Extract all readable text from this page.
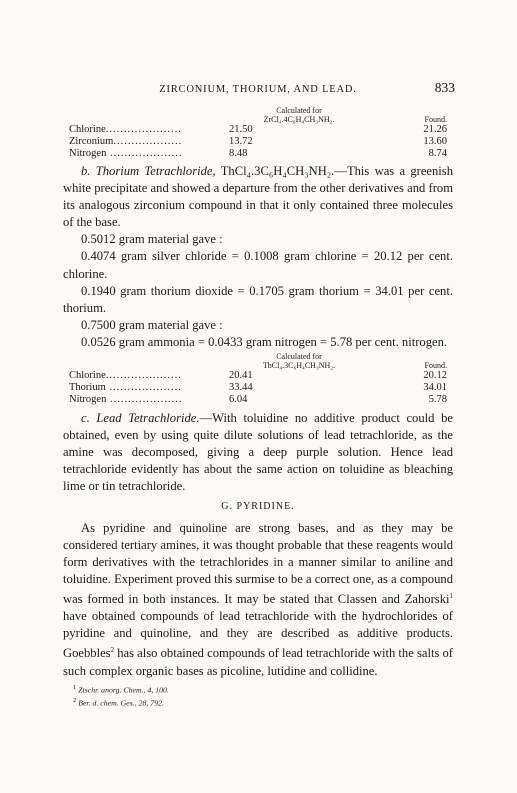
ZIRCONIUM, THORIUM, AND LEAD.	833
	Calculated for
ZrCl₄.4C₆H₄CH₃NH₂.	Found.
Chlorine.....................	21.50	21.26
Zirconium...................	13.72	13.60
Nitrogen ....................	8.48	8.74

b. Thorium Tetrachloride, ThCl₄.3C₆H₄CH₃NH₂.—This was a greenish white precipitate and showed a departure from the other derivatives and from its analogous zirconium compound in that it only contained three molecules of the base.

0.5012 gram material gave :

0.4074 gram silver chloride = 0.1008 gram chlorine = 20.12 per cent. chlorine.

0.1940 gram thorium dioxide = 0.1705 gram thorium = 34.01 per cent. thorium.

0.7500 gram material gave :

0.0526 gram ammonia = 0.0433 gram nitrogen = 5.78 per cent. nitrogen.

	Calculated for
ThCl₄.3C₆H₄CH₃NH₂.	Found.
Chlorine.....................	20.41	20.12
Thorium ....................	33.44	34.01
Nitrogen ....................	6.04	5.78

c. Lead Tetrachloride.—With toluidine no additive product could be obtained, even by using quite dilute solutions of lead tetrachloride, as the amine was decomposed, giving a deep purple solution. Hence lead tetrachloride evidently has about the same action on toluidine as bleaching lime or tin tetrachloride.

G. PYRIDINE.

As pyridine and quinoline are strong bases, and as they may be considered tertiary amines, it was thought probable that these reagents would form derivatives with the tetrachlorides in a manner similar to aniline and toluidine. Experiment proved this surmise to be a correct one, as a compound was formed in both instances. It may be stated that Classen and Zahorski$^1$ have obtained compounds of lead tetrachloride with the hydrochlorides of pyridine and quinoline, and they are described as additive products. Goebbles$^2$ has also obtained compounds of lead tetrachloride with the salts of such complex organic bases as picoline, lutidine and collidine.

$^1$ Ztschr. anorg. Chem., 4, 100.
$^2$ Ber. d. chem. Ges., 28, 792.
